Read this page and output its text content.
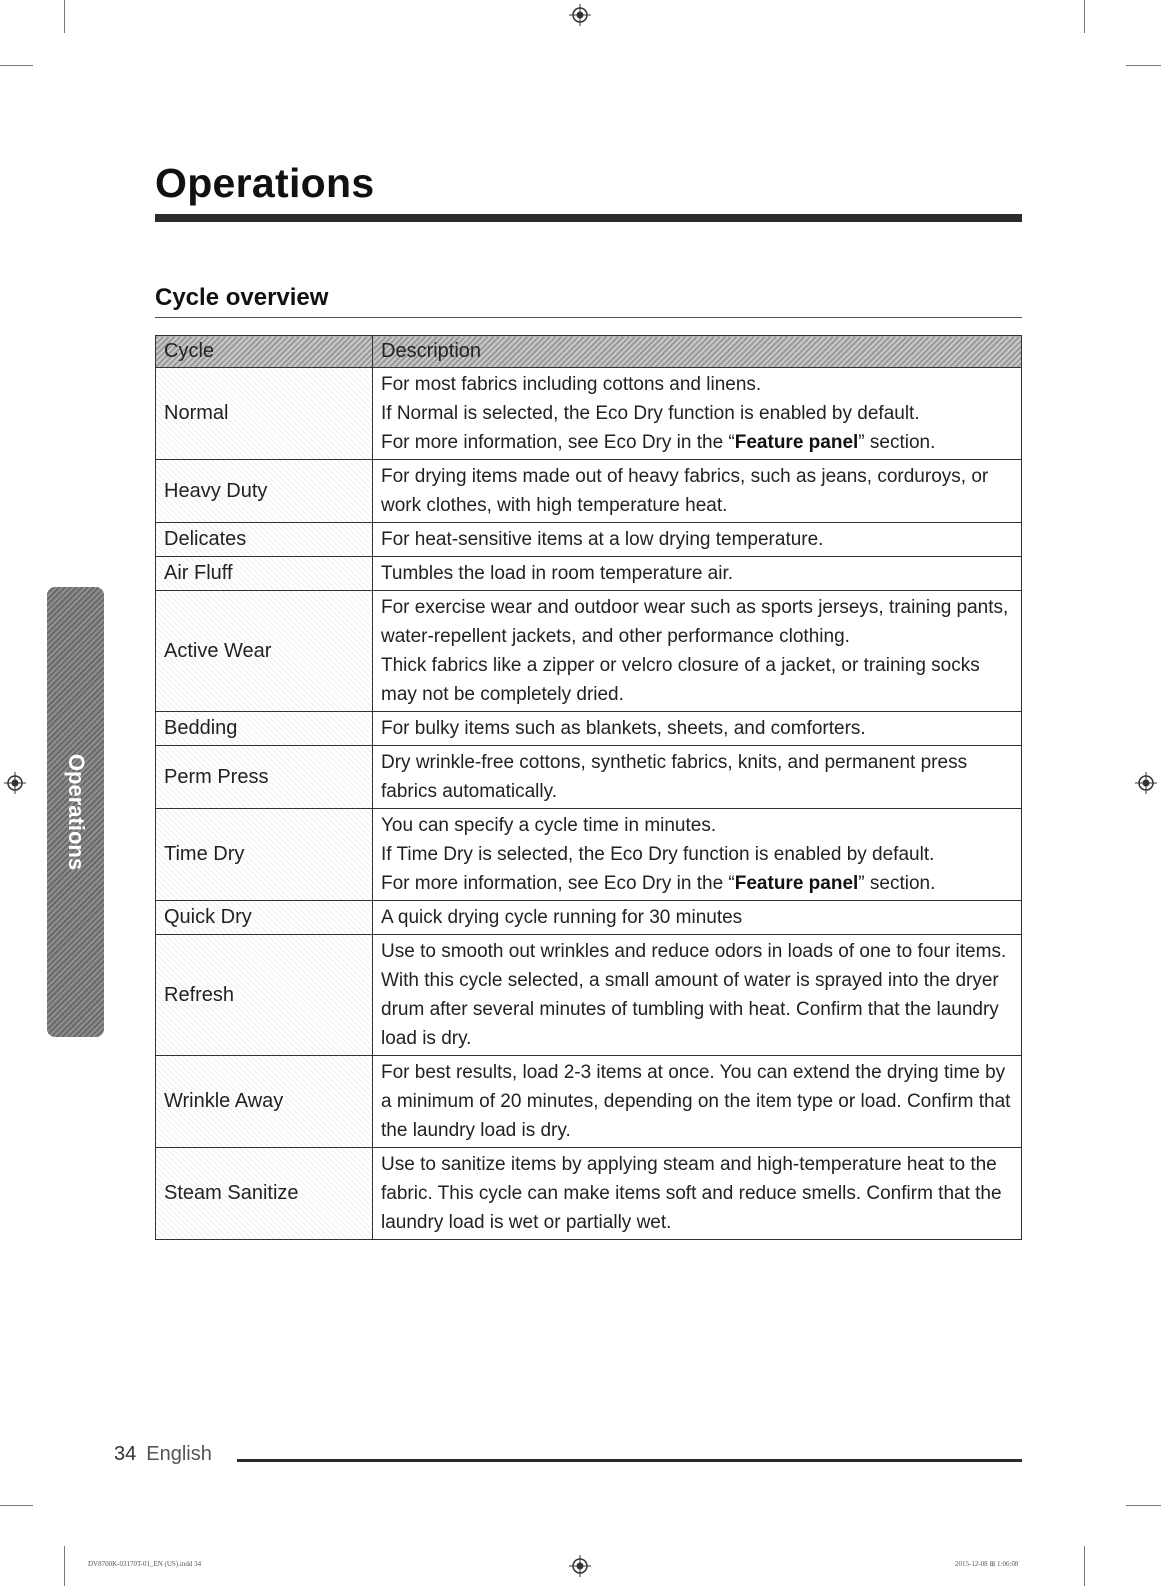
Operations
Cycle overview
Cycle	Description
Normal	For most fabrics including cottons and linens.

If Normal is selected, the Eco Dry function is enabled by default.

For more information, see Eco Dry in the “Feature panel” section.

Heavy Duty	For drying items made out of heavy fabrics, such as jeans, corduroys, or work clothes, with high temperature heat.

Delicates	For heat-sensitive items at a low drying temperature.

Air Fluff	Tumbles the load in room temperature air.

Active Wear	For exercise wear and outdoor wear such as sports jerseys, training pants, water-repellent jackets, and other performance clothing.

Thick fabrics like a zipper or velcro closure of a jacket, or training socks may not be completely dried.

Bedding	For bulky items such as blankets, sheets, and comforters.

Perm Press	Dry wrinkle-free cottons, synthetic fabrics, knits, and permanent press fabrics automatically.

Time Dry	You can specify a cycle time in minutes.

If Time Dry is selected, the Eco Dry function is enabled by default.

For more information, see Eco Dry in the “Feature panel” section.

Quick Dry	A quick drying cycle running for 30 minutes

Refresh	Use to smooth out wrinkles and reduce odors in loads of one to four items. With this cycle selected, a small amount of water is sprayed into the dryer drum after several minutes of tumbling with heat. Confirm that the laundry load is dry.

Wrinkle Away	For best results, load 2-3 items at once. You can extend the drying time by a minimum of 20 minutes, depending on the item type or load. Confirm that the laundry load is dry.

Steam Sanitize	Use to sanitize items by applying steam and high-temperature heat to the fabric. This cycle can make items soft and reduce smells. Confirm that the laundry load is wet or partially wet.

Operations
34 English
DV8700K-03170T-01_EN (US).indd 34	2015-12-08 ⊞ 1:06:08
